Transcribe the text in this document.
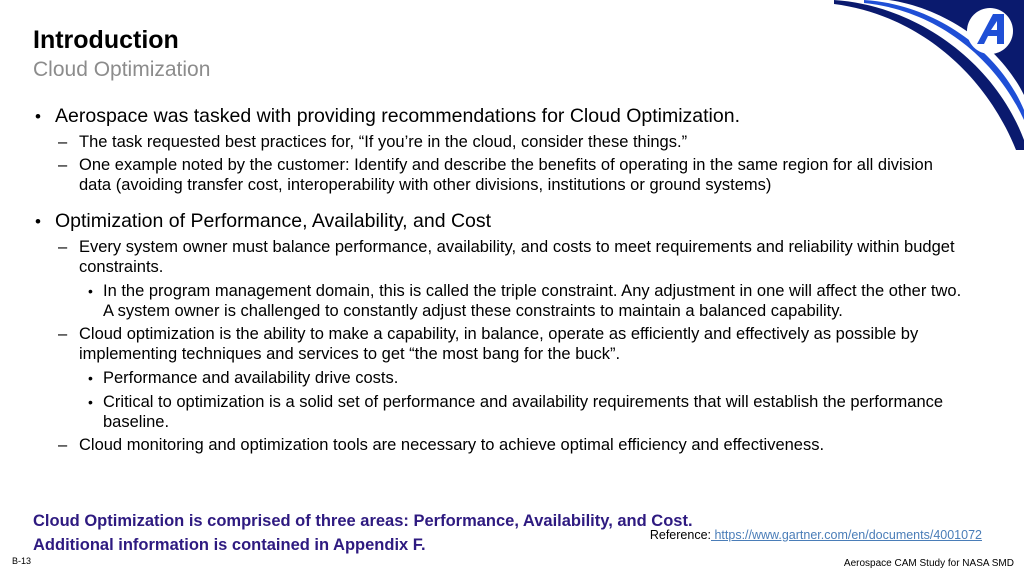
Introduction
Cloud Optimization
• Aerospace was tasked with providing recommendations for Cloud Optimization.
– The task requested best practices for, “If you’re in the cloud, consider these things.”
– One example noted by the customer: Identify and describe the benefits of operating in the same region for all division data (avoiding transfer cost, interoperability with other divisions, institutions or ground systems)
• Optimization of Performance, Availability, and Cost
– Every system owner must balance performance, availability, and costs to meet requirements and reliability within budget constraints.
• In the program management domain, this is called the triple constraint. Any adjustment in one will affect the other two. A system owner is challenged to constantly adjust these constraints to maintain a balanced capability.
– Cloud optimization is the ability to make a capability, in balance, operate as efficiently and effectively as possible by implementing techniques and services to get “the most bang for the buck”.
• Performance and availability drive costs.
• Critical to optimization is a solid set of performance and availability requirements that will establish the performance baseline.
– Cloud monitoring and optimization tools are necessary to achieve optimal efficiency and effectiveness.
Cloud Optimization is comprised of three areas: Performance, Availability, and Cost.
Additional information is contained in Appendix F.
Reference: https://www.gartner.com/en/documents/4001072
B-13	Aerospace CAM Study for NASA SMD
